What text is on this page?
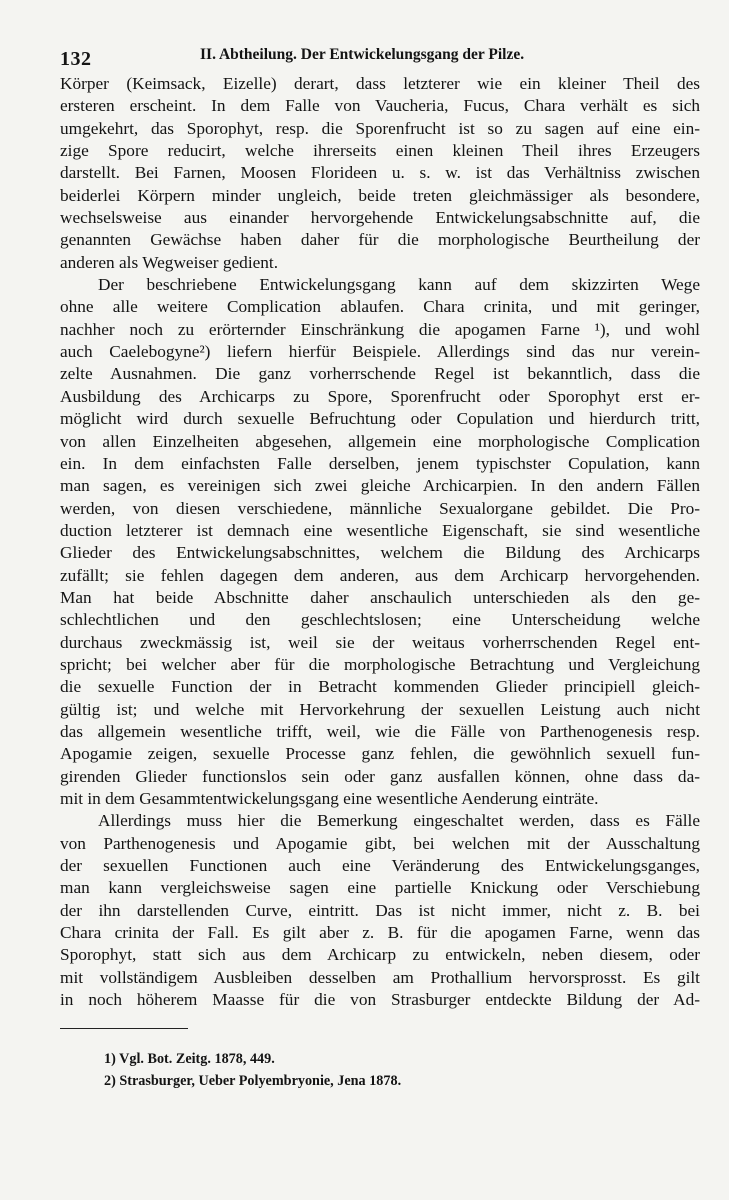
132	II. Abtheilung. Der Entwickelungsgang der Pilze.
Körper (Keimsack, Eizelle) derart, dass letzterer wie ein kleiner Theil des
ersteren erscheint. In dem Falle von Vaucheria, Fucus, Chara verhält es sich
umgekehrt, das Sporophyt, resp. die Sporenfrucht ist so zu sagen auf eine ein-
zige Spore reducirt, welche ihrerseits einen kleinen Theil ihres Erzeugers
darstellt. Bei Farnen, Moosen Florideen u. s. w. ist das Verhältniss zwischen
beiderlei Körpern minder ungleich, beide treten gleichmässiger als besondere,
wechselsweise aus einander hervorgehende Entwickelungsabschnitte auf, die
genannten Gewächse haben daher für die morphologische Beurtheilung der
anderen als Wegweiser gedient.
Der beschriebene Entwickelungsgang kann auf dem skizzirten Wege
ohne alle weitere Complication ablaufen. Chara crinita, und mit geringer,
nachher noch zu erörternder Einschränkung die apogamen Farne ¹), und wohl
auch Caelebogyne²) liefern hierfür Beispiele. Allerdings sind das nur verein-
zelte Ausnahmen. Die ganz vorherrschende Regel ist bekanntlich, dass die
Ausbildung des Archicarps zu Spore, Sporenfrucht oder Sporophyt erst er-
möglicht wird durch sexuelle Befruchtung oder Copulation und hierdurch tritt,
von allen Einzelheiten abgesehen, allgemein eine morphologische Complication
ein. In dem einfachsten Falle derselben, jenem typischster Copulation, kann
man sagen, es vereinigen sich zwei gleiche Archicarpien. In den andern Fällen
werden, von diesen verschiedene, männliche Sexualorgane gebildet. Die Pro-
duction letzterer ist demnach eine wesentliche Eigenschaft, sie sind wesentliche
Glieder des Entwickelungsabschnittes, welchem die Bildung des Archicarps
zufällt; sie fehlen dagegen dem anderen, aus dem Archicarp hervorgehenden.
Man hat beide Abschnitte daher anschaulich unterschieden als den ge-
schlechtlichen und den geschlechtslosen; eine Unterscheidung welche
durchaus zweckmässig ist, weil sie der weitaus vorherrschenden Regel ent-
spricht; bei welcher aber für die morphologische Betrachtung und Vergleichung
die sexuelle Function der in Betracht kommenden Glieder principiell gleich-
gültig ist; und welche mit Hervorkehrung der sexuellen Leistung auch nicht
das allgemein wesentliche trifft, weil, wie die Fälle von Parthenogenesis resp.
Apogamie zeigen, sexuelle Processe ganz fehlen, die gewöhnlich sexuell fun-
girenden Glieder functionslos sein oder ganz ausfallen können, ohne dass da-
mit in dem Gesammtentwickelungsgang eine wesentliche Aenderung einträte.
Allerdings muss hier die Bemerkung eingeschaltet werden, dass es Fälle
von Parthenogenesis und Apogamie gibt, bei welchen mit der Ausschaltung
der sexuellen Functionen auch eine Veränderung des Entwickelungsganges,
man kann vergleichsweise sagen eine partielle Knickung oder Verschiebung
der ihn darstellenden Curve, eintritt. Das ist nicht immer, nicht z. B. bei
Chara crinita der Fall. Es gilt aber z. B. für die apogamen Farne, wenn das
Sporophyt, statt sich aus dem Archicarp zu entwickeln, neben diesem, oder
mit vollständigem Ausbleiben desselben am Prothallium hervorsprosst. Es gilt
in noch höherem Maasse für die von Strasburger entdeckte Bildung der Ad-
1) Vgl. Bot. Zeitg. 1878, 449.
2) Strasburger, Ueber Polyembryonie, Jena 1878.
